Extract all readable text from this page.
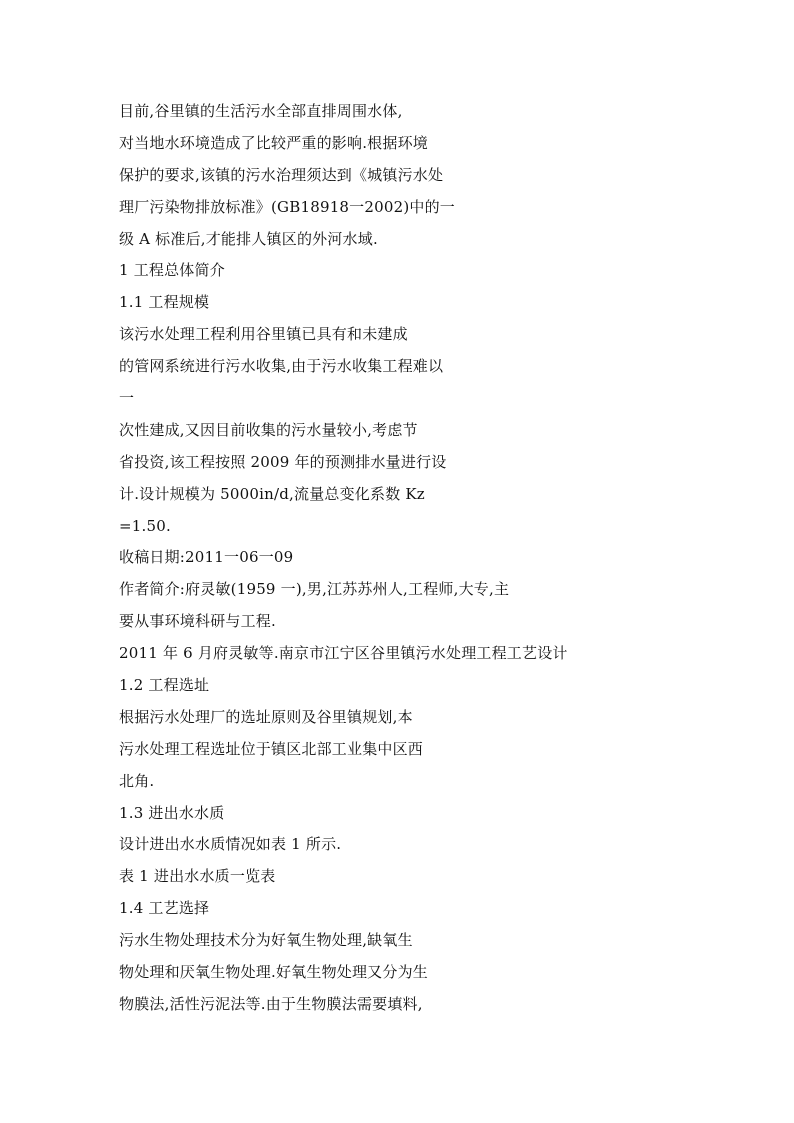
目前,谷里镇的生活污水全部直排周围水体,
对当地水环境造成了比较严重的影响.根据环境
保护的要求,该镇的污水治理须达到《城镇污水处
理厂污染物排放标准》(GB18918一2002)中的一
级 A 标准后,才能排人镇区的外河水域.
1 工程总体简介
1.1 工程规模
该污水处理工程利用谷里镇已具有和未建成
的管网系统进行污水收集,由于污水收集工程难以
一
次性建成,又因目前收集的污水量较小,考虑节
省投资,该工程按照 2009 年的预测排水量进行设
计.设计规模为 5000in/d,流量总变化系数 Kz
=1.50.
收稿日期:2011一06一09
作者简介:府灵敏(1959 一),男,江苏苏州人,工程师,大专,主
要从事环境科研与工程.
2011 年 6 月府灵敏等.南京市江宁区谷里镇污水处理工程工艺设计
1.2 工程选址
根据污水处理厂的选址原则及谷里镇规划,本
污水处理工程选址位于镇区北部工业集中区西
北角.
1.3 进出水水质
设计进出水水质情况如表 1 所示.
表 1 进出水水质一览表
1.4 工艺选择
污水生物处理技术分为好氧生物处理,缺氧生
物处理和厌氧生物处理.好氧生物处理又分为生
物膜法,活性污泥法等.由于生物膜法需要填料,
